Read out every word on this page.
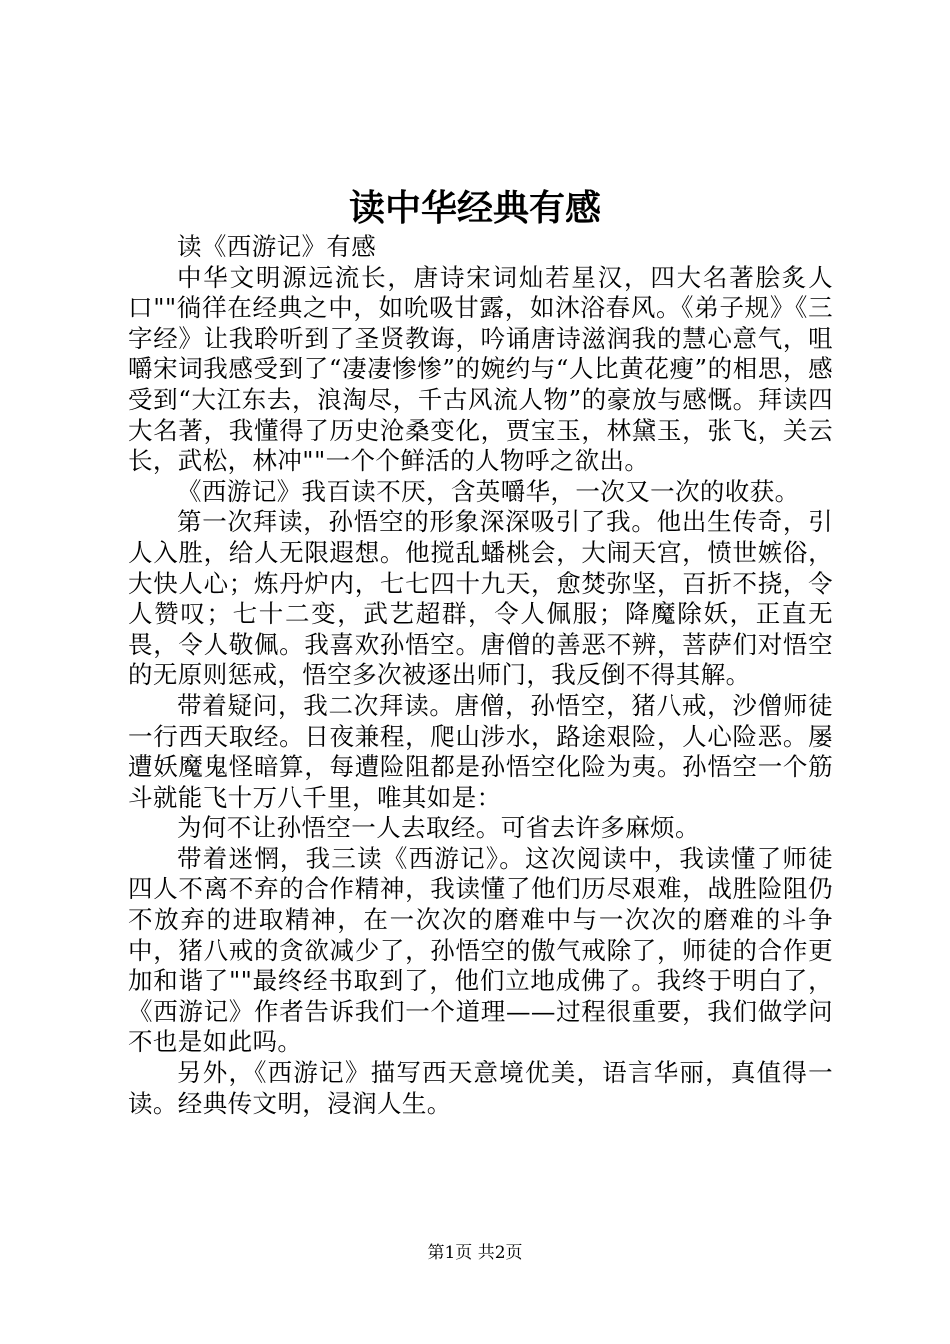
读中华经典有感

读《西游记》有感

中华文明源远流长，唐诗宋词灿若星汉，四大名著脍炙人口""徜徉在经典之中，如吮吸甘露，如沐浴春风。《弟子规》《三字经》让我聆听到了圣贤教诲，吟诵唐诗滋润我的慧心意气，咀嚼宋词我感受到了“凄凄惨惨”的婉约与“人比黄花瘦”的相思，感受到“大江东去，浪淘尽，千古风流人物”的豪放与感慨。拜读四大名著，我懂得了历史沧桑变化，贾宝玉，林黛玉，张飞，关云长，武松，林冲""一个个鲜活的人物呼之欲出。

《西游记》我百读不厌，含英嚼华，一次又一次的收获。

第一次拜读，孙悟空的形象深深吸引了我。他出生传奇，引人入胜，给人无限遐想。他搅乱蟠桃会，大闹天宫，愤世嫉俗，大快人心；炼丹炉内，七七四十九天，愈焚弥坚，百折不挠，令人赞叹；七十二变，武艺超群，令人佩服；降魔除妖，正直无畏，令人敬佩。我喜欢孙悟空。唐僧的善恶不辨，菩萨们对悟空的无原则惩戒，悟空多次被逐出师门，我反倒不得其解。

带着疑问，我二次拜读。唐僧，孙悟空，猪八戒，沙僧师徒一行西天取经。日夜兼程，爬山涉水，路途艰险，人心险恶。屡遭妖魔鬼怪暗算，每遭险阻都是孙悟空化险为夷。孙悟空一个筋斗就能飞十万八千里，唯其如是：

为何不让孙悟空一人去取经。可省去许多麻烦。

带着迷惘，我三读《西游记》。这次阅读中，我读懂了师徒四人不离不弃的合作精神，我读懂了他们历尽艰难，战胜险阻仍不放弃的进取精神，在一次次的磨难中与一次次的磨难的斗争中，猪八戒的贪欲减少了，孙悟空的傲气戒除了，师徒的合作更加和谐了""最终经书取到了，他们立地成佛了。我终于明白了，《西游记》作者告诉我们一个道理——过程很重要，我们做学问不也是如此吗。

另外，《西游记》描写西天意境优美，语言华丽，真值得一读。经典传文明，浸润人生。

第1页 共2页
